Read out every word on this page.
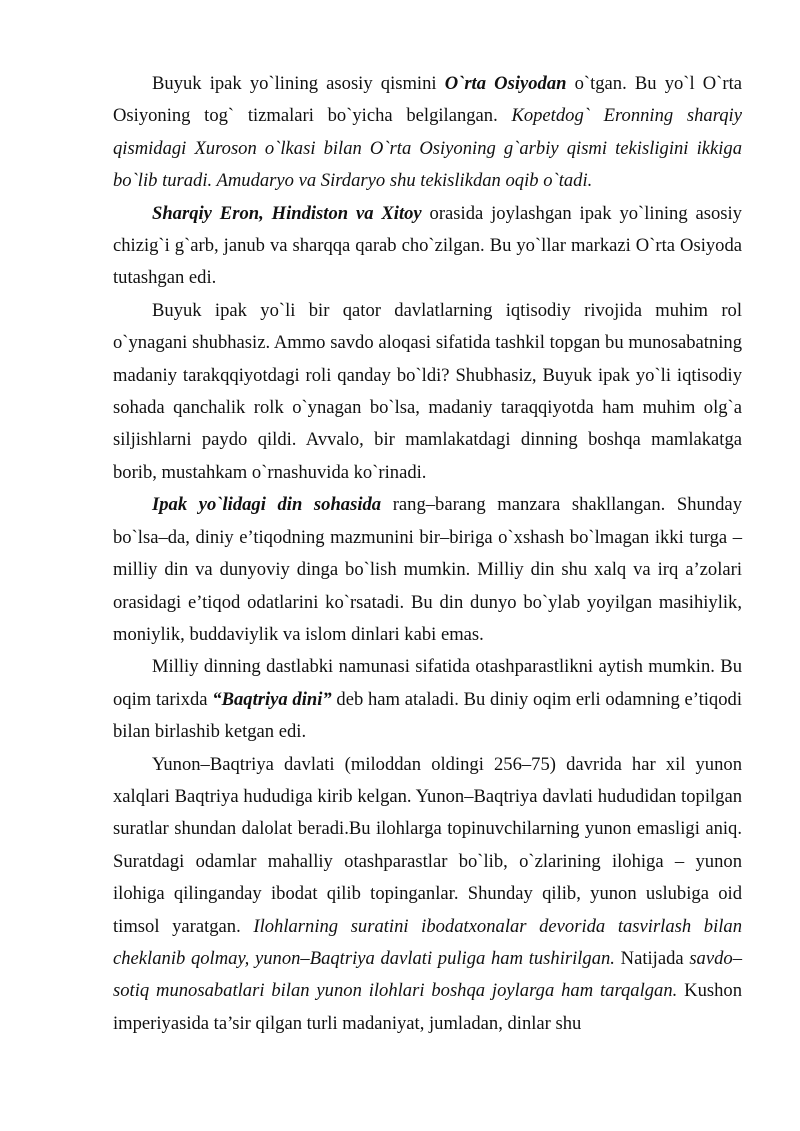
Buyuk ipak yo`lining asosiy qismini O`rta Osiyodan o`tgan. Bu yo`l O`rta Osiyoning tog` tizmalari bo`yicha belgilangan. Kopetdog` Eronning sharqiy qismidagi Xuroson o`lkasi bilan O`rta Osiyoning g`arbiy qismi tekisligini ikkiga bo`lib turadi. Amudaryo va Sirdaryo shu tekislikdan oqib o`tadi.

Sharqiy Eron, Hindiston va Xitoy orasida joylashgan ipak yo`lining asosiy chizig`i g`arb, janub va sharqqa qarab cho`zilgan. Bu yo`llar markazi O`rta Osiyoda tutashgan edi.

Buyuk ipak yo`li bir qator davlatlarning iqtisodiy rivojida muhim rol o`ynagani shubhasiz. Ammo savdo aloqasi sifatida tashkil topgan bu munosabatning madaniy tarakqqiyotdagi roli qanday bo`ldi? Shubhasiz, Buyuk ipak yo`li iqtisodiy sohada qanchalik rolk o`ynagan bo`lsa, madaniy taraqqiyotda ham muhim olg`a siljishlarni paydo qildi. Avvalo, bir mamlakatdagi dinning boshqa mamlakatga borib, mustahkam o`rnashuvida ko`rinadi.

Ipak yo`lidagi din sohasida rang–barang manzara shakllangan. Shunday bo`lsa–da, diniy e’tiqodning mazmunini bir–biriga o`xshash bo`lmagan ikki turga – milliy din va dunyoviy dinga bo`lish mumkin. Milliy din shu xalq va irq a’zolari orasidagi e’tiqod odatlarini ko`rsatadi. Bu din dunyo bo`ylab yoyilgan masihiylik, moniylik, buddaviylik va islom dinlari kabi emas.

Milliy dinning dastlabki namunasi sifatida otashparastlikni aytish mumkin. Bu oqim tarixda “Baqtriya dini” deb ham ataladi. Bu diniy oqim erli odamning e’tiqodi bilan birlashib ketgan edi.

Yunon–Baqtriya davlati (miloddan oldingi 256–75) davrida har xil yunon xalqlari Baqtriya hududiga kirib kelgan. Yunon–Baqtriya davlati hududidan topilgan suratlar shundan dalolat beradi.Bu ilohlarga topinuvchilarning yunon emasligi aniq. Suratdagi odamlar mahalliy otashparastlar bo`lib, o`zlarining ilohiga – yunon ilohiga qilinganday ibodat qilib topinganlar. Shunday qilib, yunon uslubiga oid timsol yaratgan. Ilohlarning suratini ibodatxonalar devorida tasvirlash bilan cheklanib qolmay, yunon–Baqtriya davlati puliga ham tushirilgan. Natijada savdo–sotiq munosabatlari bilan yunon ilohlari boshqa joylarga ham tarqalgan. Kushon imperiyasida ta’sir qilgan turli madaniyat, jumladan, dinlar shu
